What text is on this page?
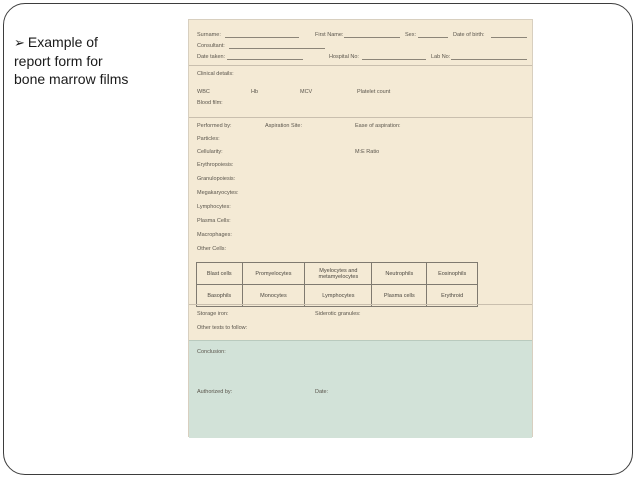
➢ Example of
report form for
bone marrow films
Surname:	First Name:	Sex:	Date of birth:
Consultant:
Date taken:	Hospital No:	Lab No:
Clinical details:
WBC	Hb	MCV	Platelet count
Blood film:
Performed by:	Aspiration Site:	Ease of aspiration:
Particles:
Cellularity:	M:E Ratio
Erythropoiesis:
Granulopoiesis:
Megakaryocytes:
Lymphocytes:
Plasma Cells:
Macrophages:
Other Cells:
Blast cells	Promyelocytes	Myelocytes and metamyelocytes	Neutrophils	Eosinophils
Basophils	Monocytes	Lymphocytes	Plasma cells	Erythroid
Storage iron:	Siderotic granules:
Other tests to follow:
Conclusion:
Authorized by:	Date:
